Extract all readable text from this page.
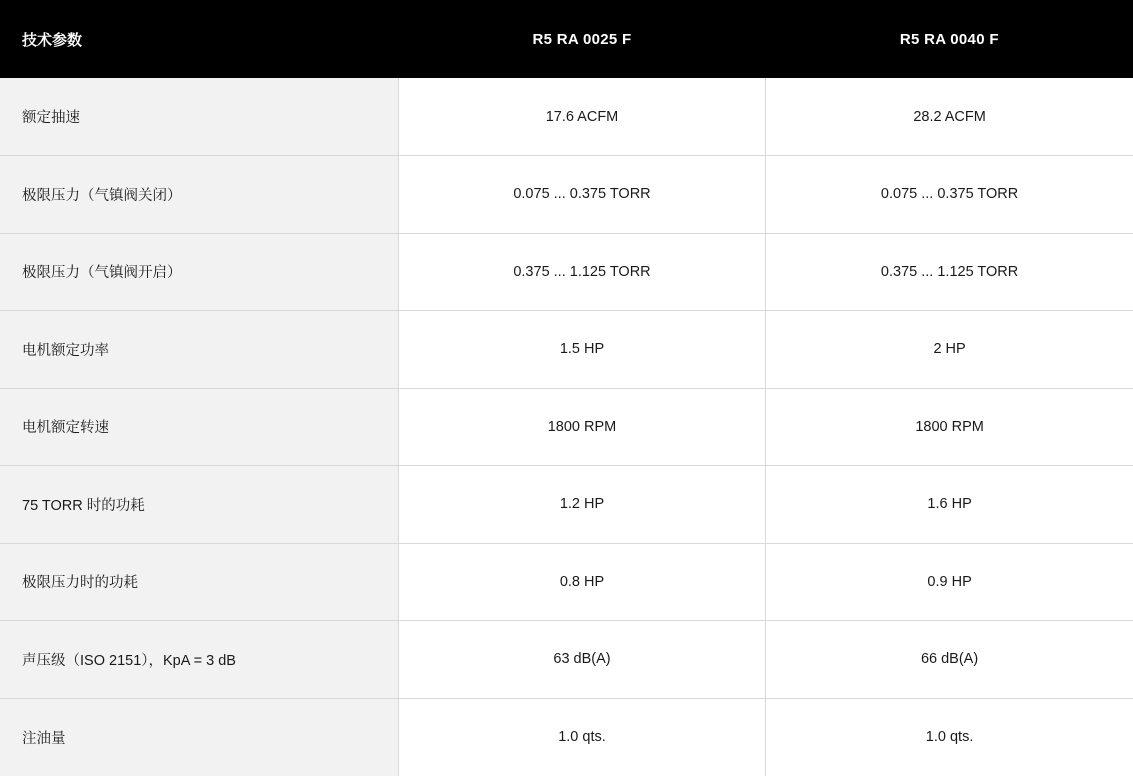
技术参数	R5 RA 0025 F	R5 RA 0040 F
额定抽速	17.6 ACFM	28.2 ACFM
极限压力（气镇阀关闭）	0.075 ... 0.375 TORR	0.075 ... 0.375 TORR
极限压力（气镇阀开启）	0.375 ... 1.125 TORR	0.375 ... 1.125 TORR
电机额定功率	1.5 HP	2 HP
电机额定转速	1800 RPM	1800 RPM
75 TORR 时的功耗	1.2 HP	1.6 HP
极限压力时的功耗	0.8 HP	0.9 HP
声压级（ISO 2151），KpA = 3 dB	63 dB(A)	66 dB(A)
注油量	1.0 qts.	1.0 qts.
